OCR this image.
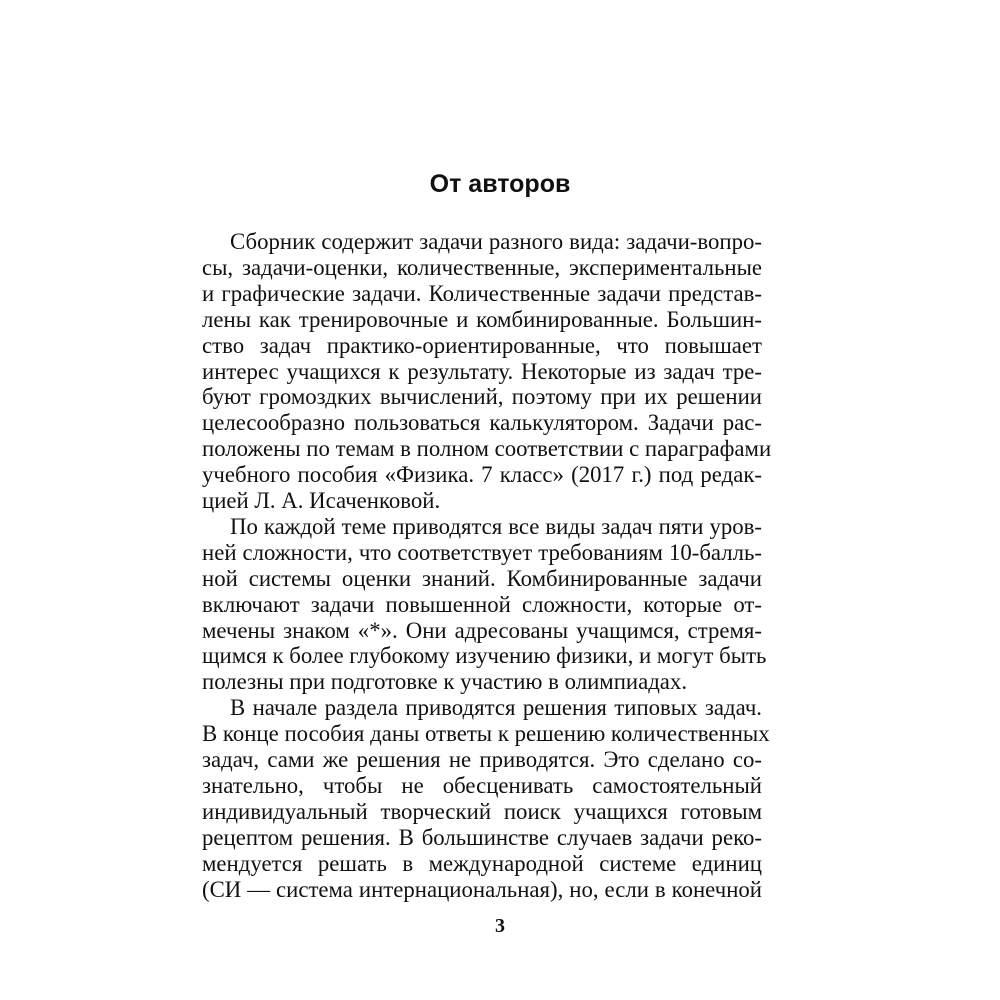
От авторов
Сборник содержит задачи разного вида: задачи-вопро-
сы, задачи-оценки, количественные, экспериментальные
и графические задачи. Количественные задачи представ-
лены как тренировочные и комбинированные. Большин-
ство задач практико-ориентированные, что повышает
интерес учащихся к результату. Некоторые из задач тре-
буют громоздких вычислений, поэтому при их решении
целесообразно пользоваться калькулятором. Задачи рас-
положены по темам в полном соответствии с параграфами
учебного пособия «Физика. 7 класс» (2017 г.) под редак-
цией Л. А. Исаченковой.
По каждой теме приводятся все виды задач пяти уров-
ней сложности, что соответствует требованиям 10-балль-
ной системы оценки знаний. Комбинированные задачи
включают задачи повышенной сложности, которые от-
мечены знаком «*». Они адресованы учащимся, стремя-
щимся к более глубокому изучению физики, и могут быть
полезны при подготовке к участию в олимпиадах.
В начале раздела приводятся решения типовых задач.
В конце пособия даны ответы к решению количественных
задач, сами же решения не приводятся. Это сделано со-
знательно, чтобы не обесценивать самостоятельный
индивидуальный творческий поиск учащихся готовым
рецептом решения. В большинстве случаев задачи реко-
мендуется решать в международной системе единиц
(СИ — система интернациональная), но, если в конечной
3
